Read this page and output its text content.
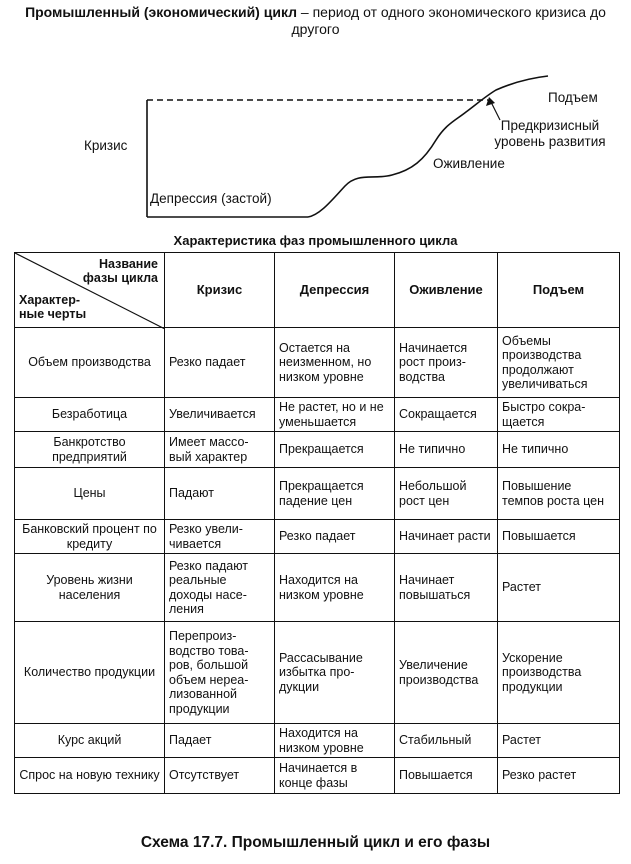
Промышленный (экономический) цикл – период от одного экономического кризиса до другого
Кризис
Депрессия (застой)
Оживление
Подъем
Предкризисный уровень развития
Характеристика фаз промышленного цикла
Название фазы цикла
Характер-ные черты	Кризис	Депрессия	Оживление	Подъем
Объем производства	Резко падает	Остается на неизменном, но низком уровне	Начинается рост произ-водства	Объемы производства продолжают увеличиваться
Безработица	Увеличивается	Не растет, но и не уменьшается	Сокращается	Быстро сокра-щается
Банкротство предприятий	Имеет массо-вый характер	Прекращается	Не типично	Не типично
Цены	Падают	Прекращается падение цен	Небольшой рост цен	Повышение темпов роста цен
Банковский процент по кредиту	Резко увели-чивается	Резко падает	Начинает расти	Повышается
Уровень жизни населения	Резко падают реальные доходы насе-ления	Находится на низком уровне	Начинает повышаться	Растет
Количество продукции	Перепроиз-водство това-ров, большой объем нереа-лизованной продукции	Рассасывание избытка про-дукции	Увеличение производства	Ускорение производства продукции
Курс акций	Падает	Находится на низком уровне	Стабильный	Растет
Спрос на новую технику	Отсутствует	Начинается в конце фазы	Повышается	Резко растет
Схема 17.7. Промышленный цикл и его фазы
